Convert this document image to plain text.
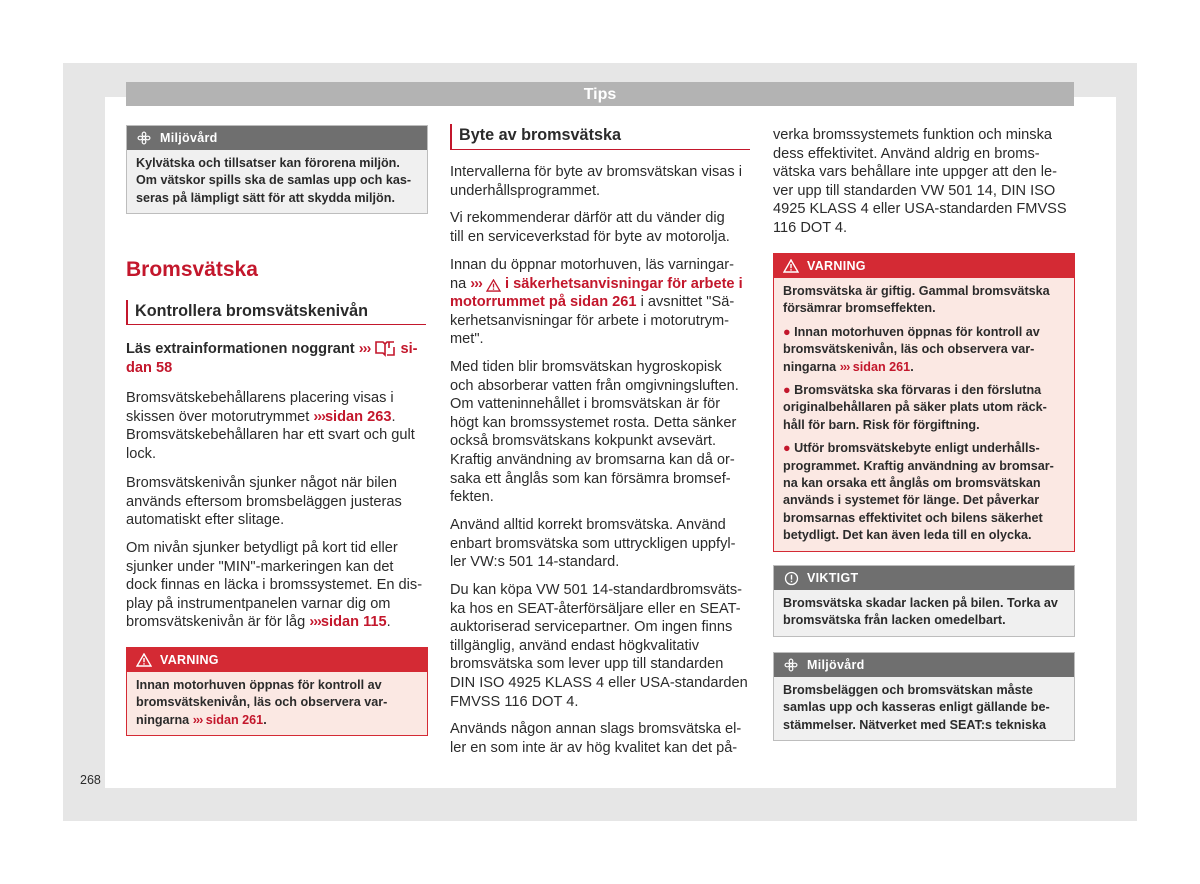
Tips
Miljövård
Kylvätska och tillsatser kan förorena miljön.
Om vätskor spills ska de samlas upp och kas-
seras på lämpligt sätt för att skydda miljön.
Bromsvätska
Kontrollera bromsvätskenivån

Läs extrainformationen noggrant ››› si-
dan 58

Bromsvätskebehållarens placering visas i
skissen över motorutrymmet ›››sidan 263.
Bromsvätskebehållaren har ett svart och gult
lock.

Bromsvätskenivån sjunker något när bilen
används eftersom bromsbeläggen justeras
automatiskt efter slitage.

Om nivån sjunker betydligt på kort tid eller
sjunker under "MIN"-markeringen kan det
dock finnas en läcka i bromssystemet. En dis-
play på instrumentpanelen varnar dig om
bromsvätskenivån är för låg ›››sidan 115.

VARNING
Innan motorhuven öppnas för kontroll av
bromsvätskenivån, läs och observera var-
ningarna ››› sidan 261.
Byte av bromsvätska

Intervallerna för byte av bromsvätskan visas i
underhållsprogrammet.

Vi rekommenderar därför att du vänder dig
till en serviceverkstad för byte av motorolja.

Innan du öppnar motorhuven, läs varningar-
na ››› i säkerhetsanvisningar för arbete i
motorrummet på sidan 261 i avsnittet "Sä-
kerhetsanvisningar för arbete i motorutrym-
met".

Med tiden blir bromsvätskan hygroskopisk
och absorberar vatten från omgivningsluften.
Om vatteninnehållet i bromsvätskan är för
högt kan bromssystemet rosta. Detta sänker
också bromsvätskans kokpunkt avsevärt.
Kraftig användning av bromsarna kan då or-
saka ett ånglås som kan försämra bromsef-
fekten.

Använd alltid korrekt bromsvätska. Använd
enbart bromsvätska som uttryckligen uppfyl-
ler VW:s 501 14-standard.

Du kan köpa VW 501 14-standardbromsväts-
ka hos en SEAT-återförsäljare eller en SEAT-
auktoriserad servicepartner. Om ingen finns
tillgänglig, använd endast högkvalitativ
bromsvätska som lever upp till standarden
DIN ISO 4925 KLASS 4 eller USA-standarden
FMVSS 116 DOT 4.

Används någon annan slags bromsvätska el-
ler en som inte är av hög kvalitet kan det på-

verka bromssystemets funktion och minska
dess effektivitet. Använd aldrig en broms-
vätska vars behållare inte uppger att den le-
ver upp till standarden VW 501 14, DIN ISO
4925 KLASS 4 eller USA-standarden FMVSS
116 DOT 4.

VARNING
Bromsvätska är giftig. Gammal bromsvätska
försämrar bromseffekten.
● Innan motorhuven öppnas för kontroll av
bromsvätskenivån, läs och observera var-
ningarna ››› sidan 261.
● Bromsvätska ska förvaras i den förslutna
originalbehållaren på säker plats utom räck-
håll för barn. Risk för förgiftning.
● Utför bromsvätskebyte enligt underhålls-
programmet. Kraftig användning av bromsar-
na kan orsaka ett ånglås om bromsvätskan
används i systemet för länge. Det påverkar
bromsarnas effektivitet och bilens säkerhet
betydligt. Det kan även leda till en olycka.
VIKTIGT
Bromsvätska skadar lacken på bilen. Torka av
bromsvätska från lacken omedelbart.
Miljövård
Bromsbeläggen och bromsvätskan måste
samlas upp och kasseras enligt gällande be-
stämmelser. Nätverket med SEAT:s tekniska
268
